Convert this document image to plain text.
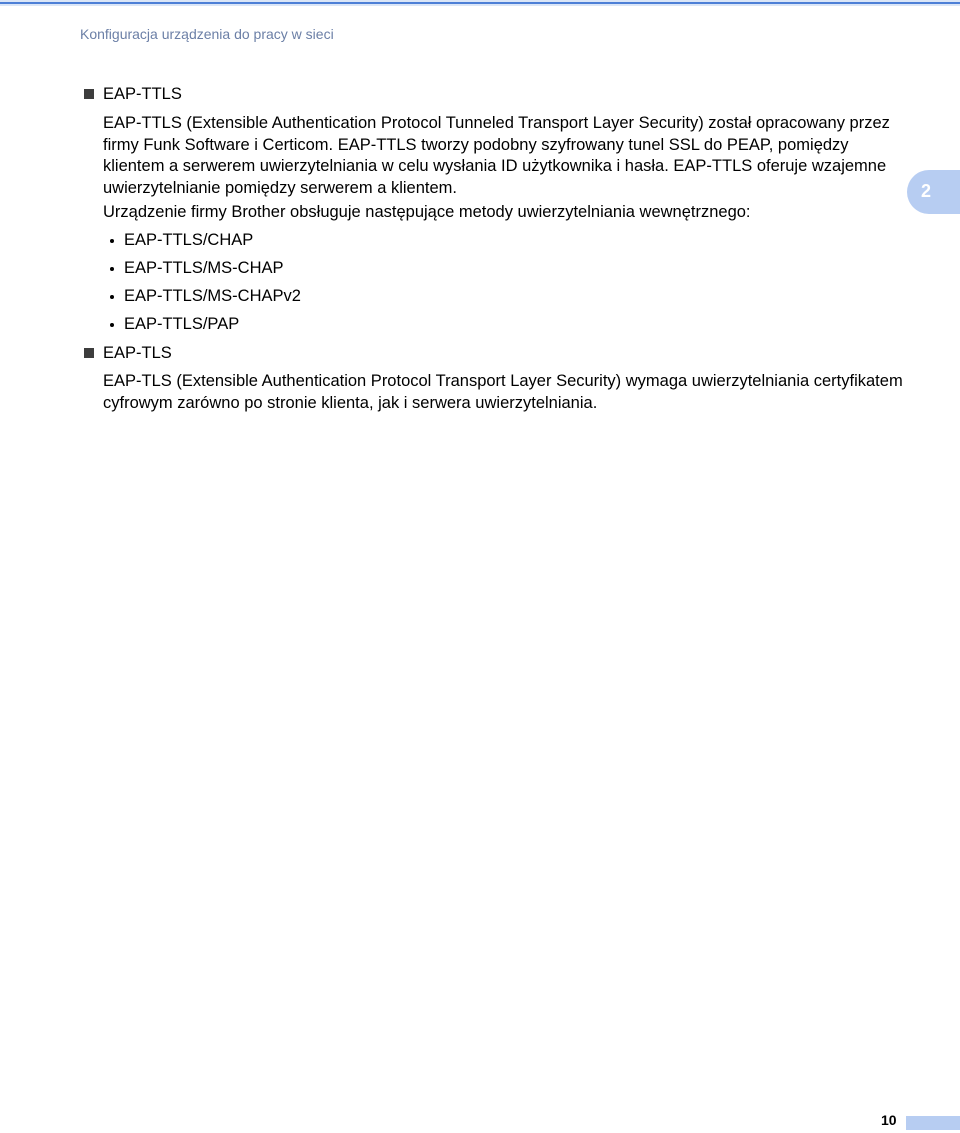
Konfiguracja urządzenia do pracy w sieci
EAP-TTLS
EAP-TTLS (Extensible Authentication Protocol Tunneled Transport Layer Security) został opracowany przez firmy Funk Software i Certicom. EAP-TTLS tworzy podobny szyfrowany tunel SSL do PEAP, pomiędzy klientem a serwerem uwierzytelniania w celu wysłania ID użytkownika i hasła. EAP-TTLS oferuje wzajemne uwierzytelnianie pomiędzy serwerem a klientem.
Urządzenie firmy Brother obsługuje następujące metody uwierzytelniania wewnętrznego:
EAP-TTLS/CHAP
EAP-TTLS/MS-CHAP
EAP-TTLS/MS-CHAPv2
EAP-TTLS/PAP
EAP-TLS
EAP-TLS (Extensible Authentication Protocol Transport Layer Security) wymaga uwierzytelniania certyfikatem cyfrowym zarówno po stronie klienta, jak i serwera uwierzytelniania.
2
10
